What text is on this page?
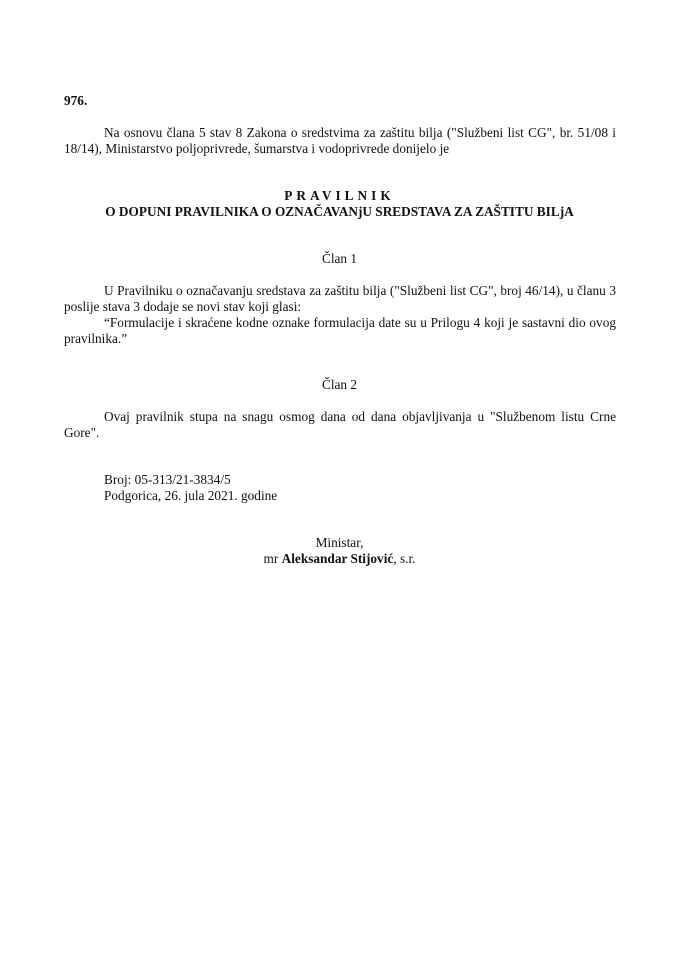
976.

Na osnovu člana 5 stav 8 Zakona o sredstvima za zaštitu bilja ("Službeni list CG", br. 51/08 i 18/14), Ministarstvo poljoprivrede, šumarstva i vodoprivrede donijelo je

PRAVILNIK

O DOPUNI PRAVILNIKA O OZNAČAVANjU SREDSTAVA ZA ZAŠTITU BILjA

Član 1

U Pravilniku o označavanju sredstava za zaštitu bilja ("Službeni list CG", broj 46/14), u članu 3 poslije stava 3 dodaje se novi stav koji glasi:

“Formulacije i skraćene kodne oznake formulacija date su u Prilogu 4 koji je sastavni dio ovog pravilnika.”

Član 2

Ovaj pravilnik stupa na snagu osmog dana od dana objavljivanja u "Službenom listu Crne Gore".

Broj: 05-313/21-3834/5

Podgorica, 26. jula 2021. godine

Ministar,

mr Aleksandar Stijović, s.r.
